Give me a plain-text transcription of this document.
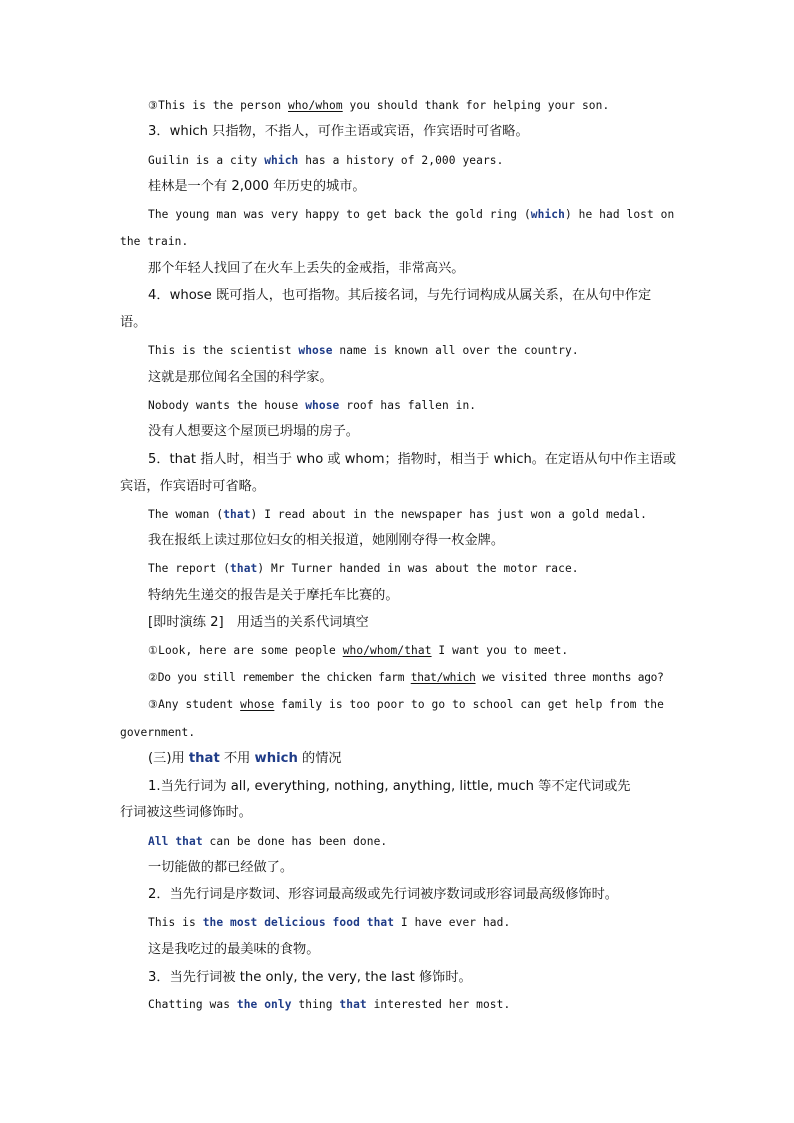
③This is the person who/whom you should thank for helping your son.
3．which 只指物，不指人，可作主语或宾语，作宾语时可省略。
Guilin is a city which has a history of 2,000 years.
桂林是一个有 2,000 年历史的城市。
The young man was very happy to get back the gold ring (which) he had lost on
the train.
那个年轻人找回了在火车上丢失的金戒指，非常高兴。
4．whose 既可指人，也可指物。其后接名词，与先行词构成从属关系，在从句中作定
语。
This is the scientist whose name is known all over the country.
这就是那位闻名全国的科学家。
Nobody wants the house whose roof has fallen in.
没有人想要这个屋顶已坍塌的房子。
5．that 指人时，相当于 who 或 whom；指物时，相当于 which。在定语从句中作主语或
宾语，作宾语时可省略。
The woman (that) I read about in the newspaper has just won a gold medal.
我在报纸上读过那位妇女的相关报道，她刚刚夺得一枚金牌。
The report (that) Mr Turner handed in was about the motor race.
特纳先生递交的报告是关于摩托车比赛的。
[即时演练 2]　用适当的关系代词填空
①Look, here are some people who/whom/that I want you to meet.
②Do you still remember the chicken farm that/which we visited three months ago?
③Any student whose family is too poor to go to school can get help from the
government.
(三)用 that 不用 which 的情况
1.当先行词为 all, everything, nothing, anything, little, much 等不定代词或先
行词被这些词修饰时。
All that can be done has been done.
一切能做的都已经做了。
2．当先行词是序数词、形容词最高级或先行词被序数词或形容词最高级修饰时。
This is the most delicious food that I have ever had.
这是我吃过的最美味的食物。
3．当先行词被 the only, the very, the last 修饰时。
Chatting was the only thing that interested her most.
